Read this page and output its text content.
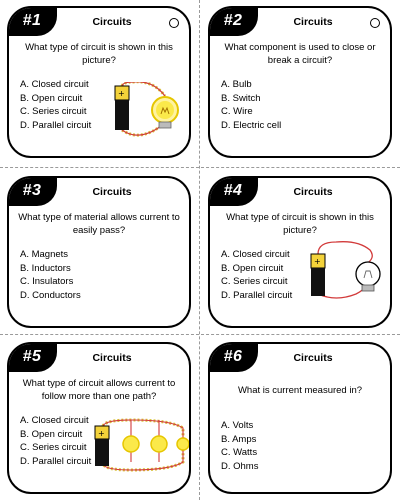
#1	Circuits
What type of circuit is shown in this picture?
A. Closed circuit
B. Open circuit
C. Series circuit
D. Parallel circuit
+
#2	Circuits
What component is used to close or break a circuit?
A. Bulb
B. Switch
C. Wire
D. Electric cell
#3	Circuits
What type of material allows current to easily pass?
A. Magnets
B. Inductors
C. Insulators
D. Conductors
#4	Circuits
What type of circuit is shown in this picture?
A. Closed circuit
B. Open circuit
C. Series circuit
D. Parallel circuit
+
#5	Circuits
What type of circuit allows current to follow more than one path?
A. Closed circuit
B. Open circuit
C. Series circuit
D. Parallel circuit
+
#6	Circuits
What is current measured in?
A. Volts
B. Amps
C. Watts
D. Ohms
